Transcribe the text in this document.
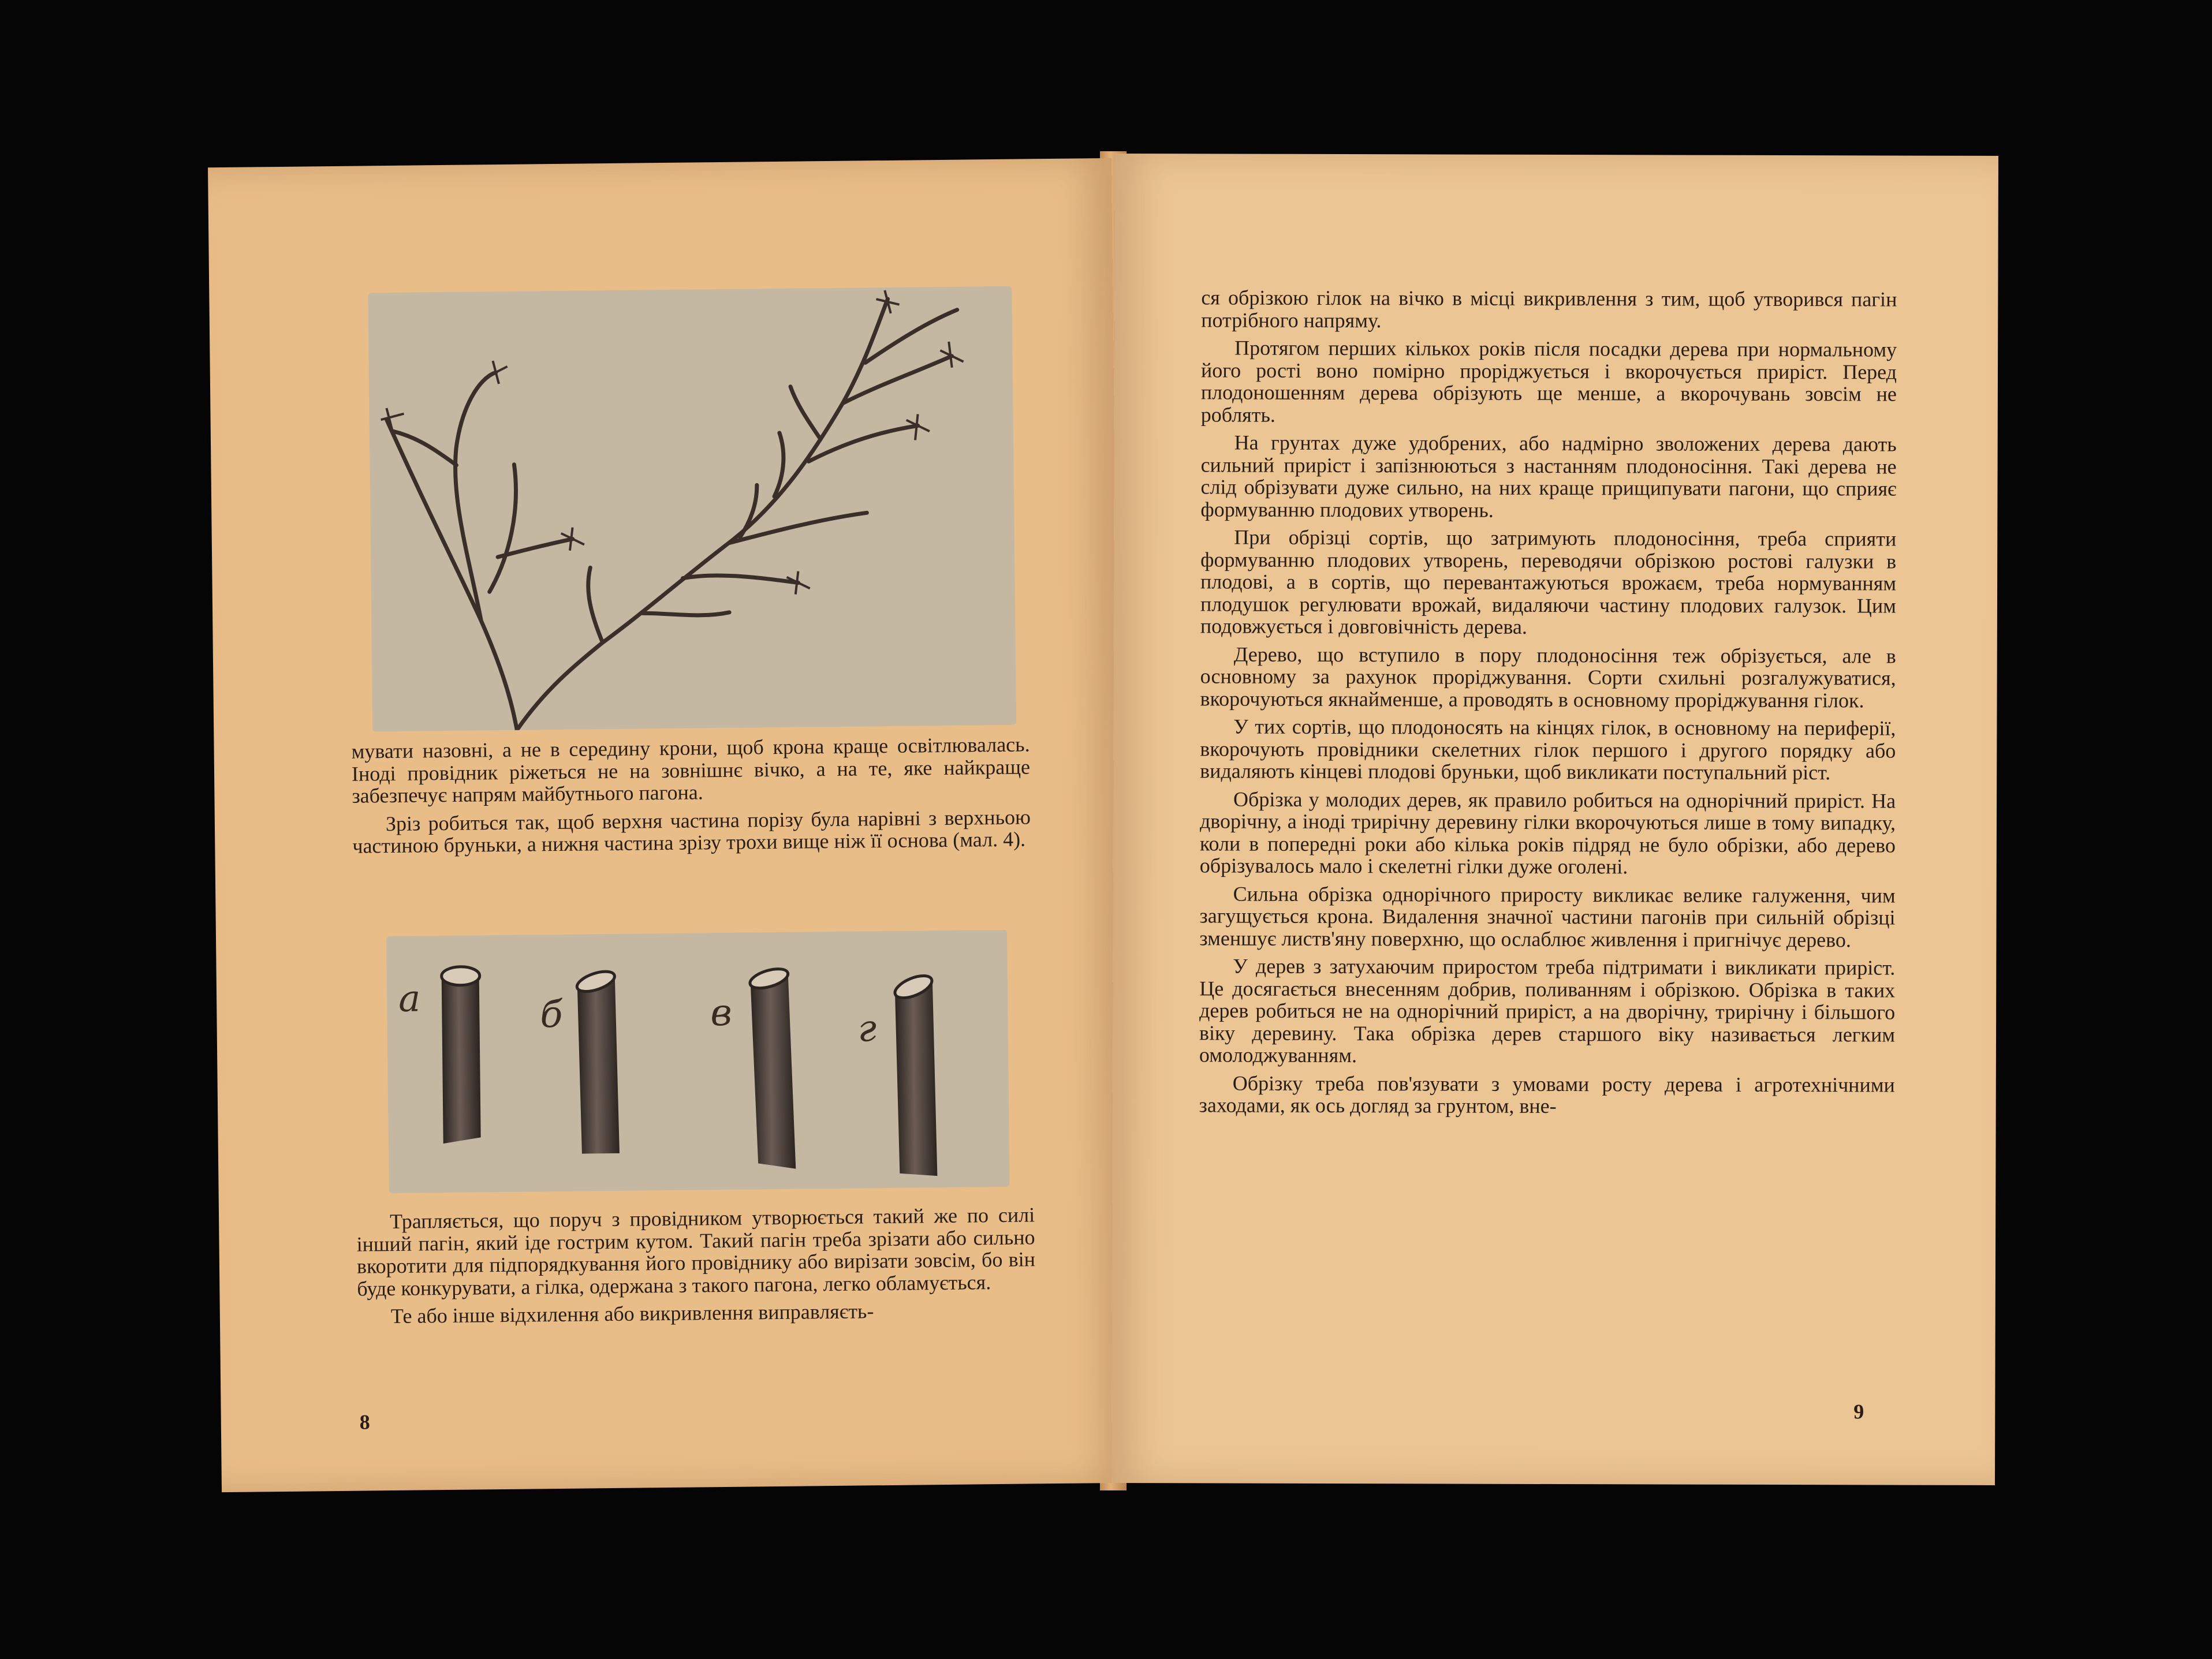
мувати назовні, а не в середину крони, щоб крона краще освітлювалась. Іноді провідник ріжеться не на зовнішнє вічко, а на те, яке найкраще забезпечує напрям майбутнього пагона.

Зріз робиться так, щоб верхня частина порізу була нарівні з верхньою частиною бруньки, а нижня частина зрізу трохи вище ніж її основа (мал. 4).

а	б	в	г

Трапляється, що поруч з провідником утворюється такий же по силі інший пагін, який іде гострим кутом. Такий пагін треба зрізати або сильно вкоротити для підпорядкування його провіднику або вирізати зовсім, бо він буде конкурувати, а гілка, одержана з такого пагона, легко обламується.

Те або інше відхилення або викривлення виправляєть-

8

ся обрізкою гілок на вічко в місці викривлення з тим, щоб утворився пагін потрібного напряму.

Протягом перших кількох років після посадки дерева при нормальному його рості воно помірно проріджується і вкорочується приріст. Перед плодоношенням дерева обрізують ще менше, а вкорочувань зовсім не роблять.

На грунтах дуже удобрених, або надмірно зволожених дерева дають сильний приріст і запізнюються з настанням плодоносіння. Такі дерева не слід обрізувати дуже сильно, на них краще прищипувати пагони, що сприяє формуванню плодових утворень.

При обрізці сортів, що затримують плодоносіння, треба сприяти формуванню плодових утворень, переводячи обрізкою ростові галузки в плодові, а в сортів, що перевантажуються врожаєм, треба нормуванням плодушок регулювати врожай, видаляючи частину плодових галузок. Цим подовжується і довговічність дерева.

Дерево, що вступило в пору плодоносіння теж обрізується, але в основному за рахунок проріджування. Сорти схильні розгалужуватися, вкорочуються якнайменше, а проводять в основному проріджування гілок.

У тих сортів, що плодоносять на кінцях гілок, в основному на периферії, вкорочують провідники скелетних гілок першого і другого порядку або видаляють кінцеві плодові бруньки, щоб викликати поступальний ріст.

Обрізка у молодих дерев, як правило робиться на однорічний приріст. На дворічну, а іноді трирічну деревину гілки вкорочуються лише в тому випадку, коли в попередні роки або кілька років підряд не було обрізки, або дерево обрізувалось мало і скелетні гілки дуже оголені.

Сильна обрізка однорічного приросту викликає велике галуження, чим загущується крона. Видалення значної частини пагонів при сильній обрізці зменшує листв'яну поверхню, що ослаблює живлення і пригнічує дерево.

У дерев з затухаючим приростом треба підтримати і викликати приріст. Це досягається внесенням добрив, поливанням і обрізкою. Обрізка в таких дерев робиться не на однорічний приріст, а на дворічну, трирічну і більшого віку деревину. Така обрізка дерев старшого віку називається легким омолоджуванням.

Обрізку треба пов'язувати з умовами росту дерева і агротехнічними заходами, як ось догляд за грунтом, вне-

9
